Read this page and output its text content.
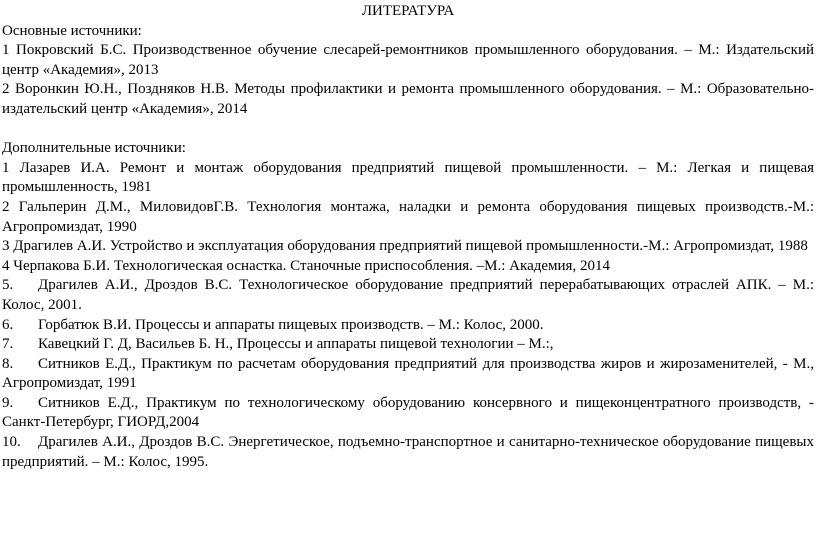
ЛИТЕРАТУРА

Основные источники:

1 Покровский Б.С. Производственное обучение слесарей-ремонтников промышленного оборудования. – М.: Издательский центр «Академия», 2013

2 Воронкин Ю.Н., Поздняков Н.В. Методы профилактики и ремонта промышленного оборудования. – М.: Образовательно-издательский центр «Академия», 2014

Дополнительные источники:

1 Лазарев И.А. Ремонт и монтаж оборудования предприятий пищевой промышленности. – М.: Легкая и пищевая промышленность, 1981

2 Гальперин Д.М., МиловидовГ.В. Технология монтажа, наладки и ремонта оборудования пищевых производств.-М.: Агропромиздат, 1990

3 Драгилев А.И. Устройство и эксплуатация оборудования предприятий пищевой промышленности.-М.: Агропромиздат, 1988

4 Черпакова Б.И. Технологическая оснастка. Станочные приспособления. –М.: Академия, 2014

5. Драгилев А.И., Дроздов В.С. Технологическое оборудование предприятий перерабатывающих отраслей АПК. – М.: Колос, 2001.

6. Горбатюк В.И. Процессы и аппараты пищевых производств. – М.: Колос, 2000.

7. Кавецкий Г. Д, Васильев Б. Н., Процессы и аппараты пищевой технологии – М.:,

8. Ситников Е.Д., Практикум по расчетам оборудования предприятий для производства жиров и жирозаменителей, - М., Агропромиздат, 1991

9. Ситников Е.Д., Практикум по технологическому оборудованию консервного и пищеконцентратного производств, - Санкт-Петербург, ГИОРД,2004

10. Драгилев А.И., Дроздов В.С. Энергетическое, подъемно-транспортное и санитарно-техническое оборудование пищевых предприятий. – М.: Колос, 1995.
